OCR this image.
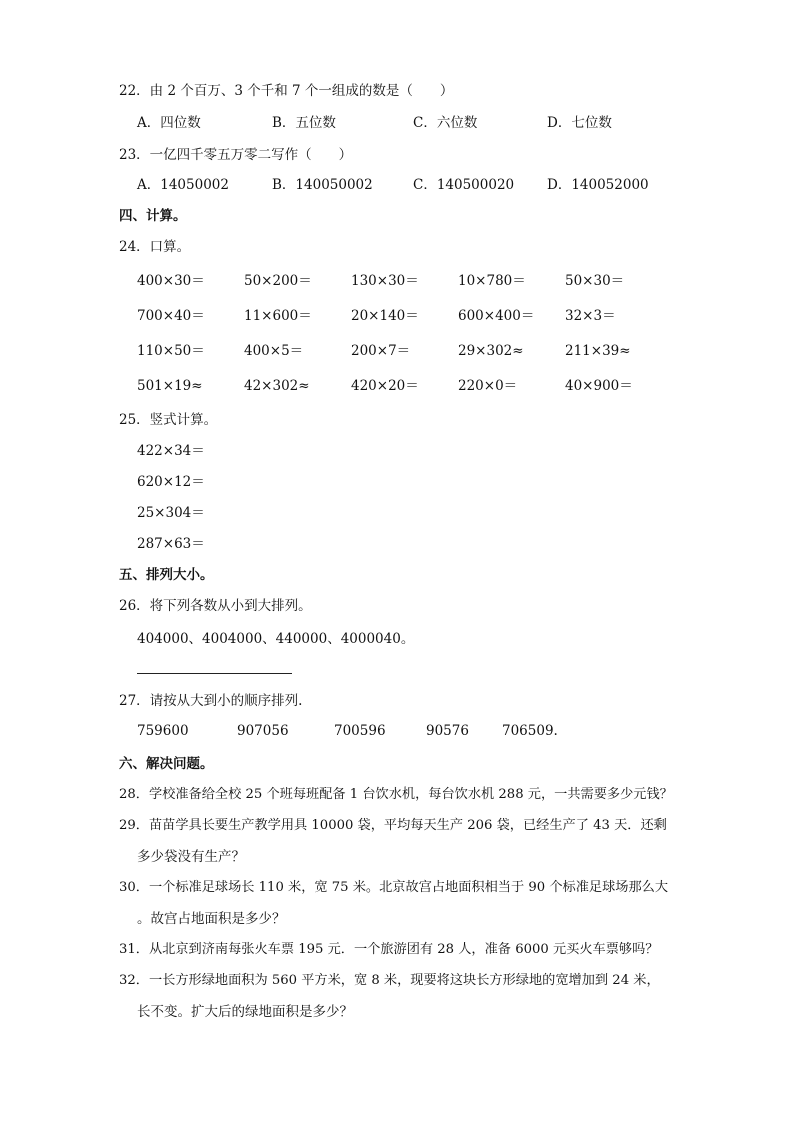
22．由 2 个百万、3 个千和 7 个一组成的数是（　　）
A．四位数	B．五位数	C．六位数	D．七位数
23．一亿四千零五万零二写作（　　）
A．14050002	B．140050002	C．140500020 D．140052000
四、计算。
24．口算。
400×30＝	50×200＝	130×30＝	10×780＝	50×30＝
700×40＝	11×600＝	20×140＝	600×400＝ 32×3＝
110×50＝	400×5＝	200×7＝	29×302≈	211×39≈
501×19≈	42×302≈	420×20＝	220×0＝	40×900＝
25．竖式计算。
422×34＝
620×12＝
25×304＝
287×63＝
五、排列大小。
26．将下列各数从小到大排列。
404000、4004000、440000、4000040。
27．请按从大到小的顺序排列.
759600	907056	700596	90576 706509.
六、解决问题。
28．学校准备给全校 25 个班每班配备 1 台饮水机，每台饮水机 288 元，一共需要多少元钱？
29．苗苗学具长要生产教学用具 10000 袋，平均每天生产 206 袋，已经生产了 43 天．还剩
多少袋没有生产？
30．一个标准足球场长 110 米，宽 75 米。北京故宫占地面积相当于 90 个标准足球场那么大
。故宫占地面积是多少？
31．从北京到济南每张火车票 195 元．一个旅游团有 28 人，准备 6000 元买火车票够吗？
32．一长方形绿地面积为 560 平方米，宽 8 米，现要将这块长方形绿地的宽增加到 24 米，
长不变。扩大后的绿地面积是多少？
